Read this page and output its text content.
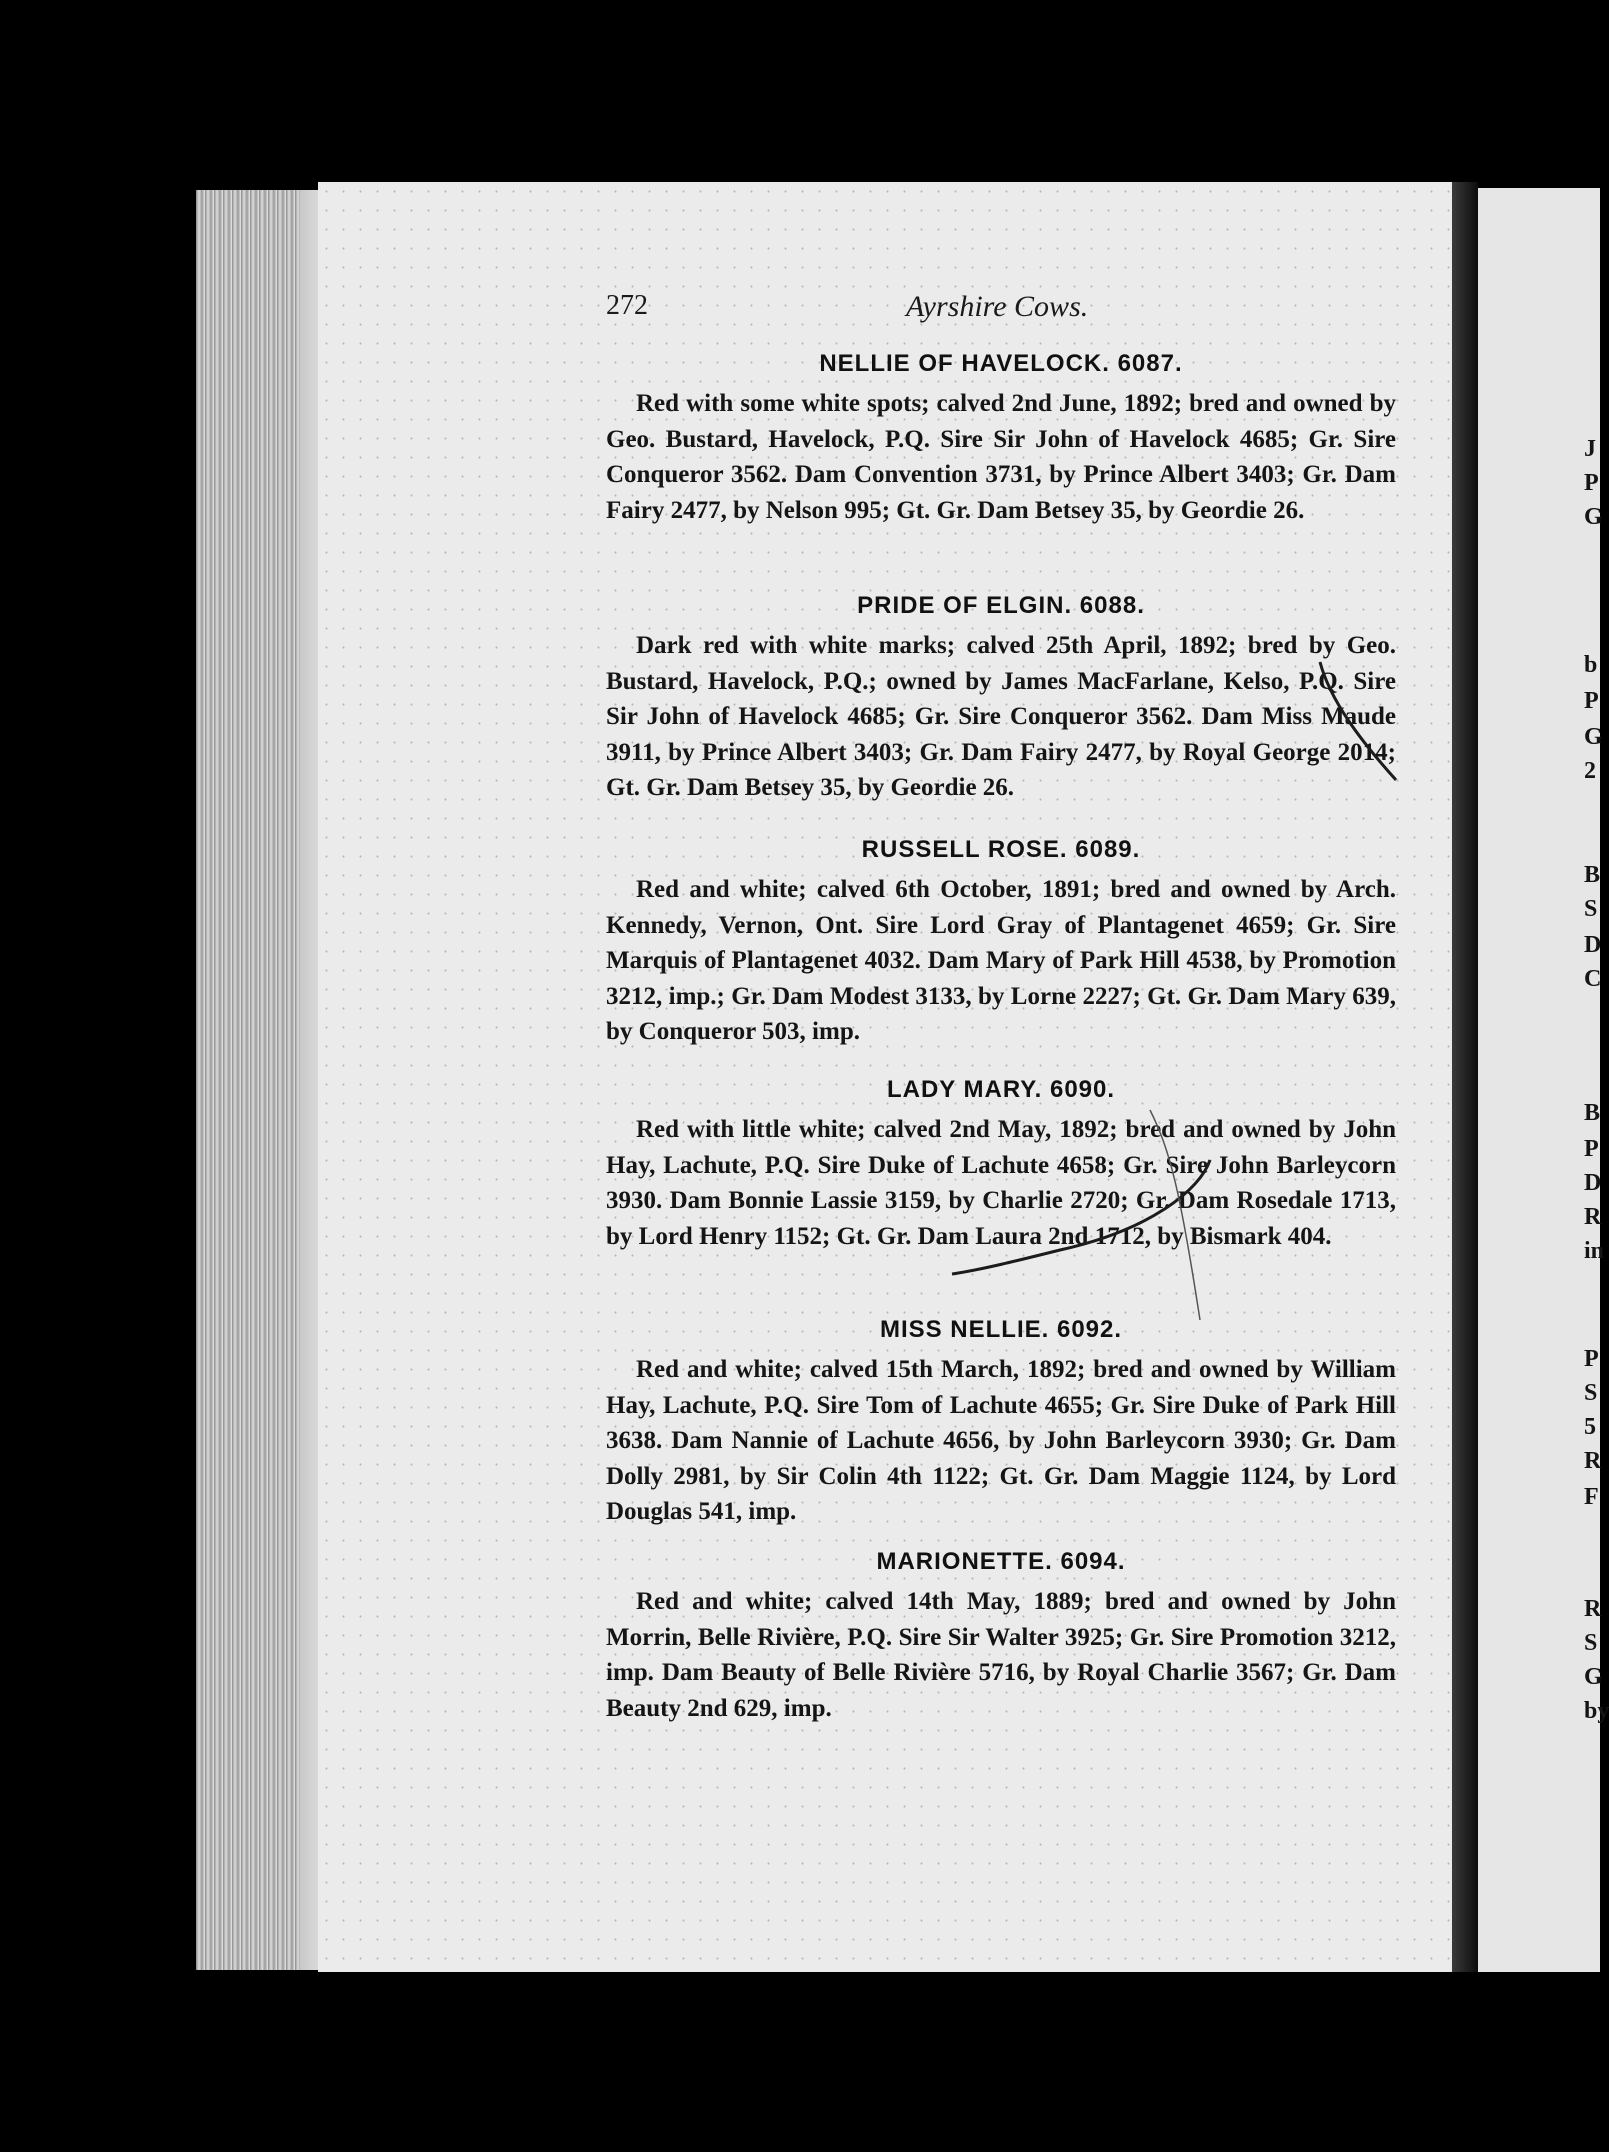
272	Ayrshire Cows.
NELLIE OF HAVELOCK. 6087.

Red with some white spots; calved 2nd June, 1892; bred and owned by Geo. Bustard, Havelock, P.Q. Sire Sir John of Havelock 4685; Gr. Sire Conqueror 3562. Dam Convention 3731, by Prince Albert 3403; Gr. Dam Fairy 2477, by Nelson 995; Gt. Gr. Dam Betsey 35, by Geordie 26.

PRIDE OF ELGIN. 6088.

Dark red with white marks; calved 25th April, 1892; bred by Geo. Bustard, Havelock, P.Q.; owned by James MacFarlane, Kelso, P.Q. Sire Sir John of Havelock 4685; Gr. Sire Conqueror 3562. Dam Miss Maude 3911, by Prince Albert 3403; Gr. Dam Fairy 2477, by Royal George 2014; Gt. Gr. Dam Betsey 35, by Geordie 26.

RUSSELL ROSE. 6089.

Red and white; calved 6th October, 1891; bred and owned by Arch. Kennedy, Vernon, Ont. Sire Lord Gray of Plantagenet 4659; Gr. Sire Marquis of Plantagenet 4032. Dam Mary of Park Hill 4538, by Promotion 3212, imp.; Gr. Dam Modest 3133, by Lorne 2227; Gt. Gr. Dam Mary 639, by Conqueror 503, imp.

LADY MARY. 6090.

Red with little white; calved 2nd May, 1892; bred and owned by John Hay, Lachute, P.Q. Sire Duke of Lachute 4658; Gr. Sire John Barleycorn 3930. Dam Bonnie Lassie 3159, by Charlie 2720; Gr. Dam Rosedale 1713, by Lord Henry 1152; Gt. Gr. Dam Laura 2nd 1712, by Bismark 404.

MISS NELLIE. 6092.

Red and white; calved 15th March, 1892; bred and owned by William Hay, Lachute, P.Q. Sire Tom of Lachute 4655; Gr. Sire Duke of Park Hill 3638. Dam Nannie of Lachute 4656, by John Barleycorn 3930; Gr. Dam Dolly 2981, by Sir Colin 4th 1122; Gt. Gr. Dam Maggie 1124, by Lord Douglas 541, imp.

MARIONETTE. 6094.

Red and white; calved 14th May, 1889; bred and owned by John Morrin, Belle Rivière, P.Q. Sire Sir Walter 3925; Gr. Sire Promotion 3212, imp. Dam Beauty of Belle Rivière 5716, by Royal Charlie 3567; Gr. Dam Beauty 2nd 629, imp.

J
P
G
b
P
G
2
B
S
D
C
B
P
D
R
in
P
S
5
R
F
R
S
G
by
